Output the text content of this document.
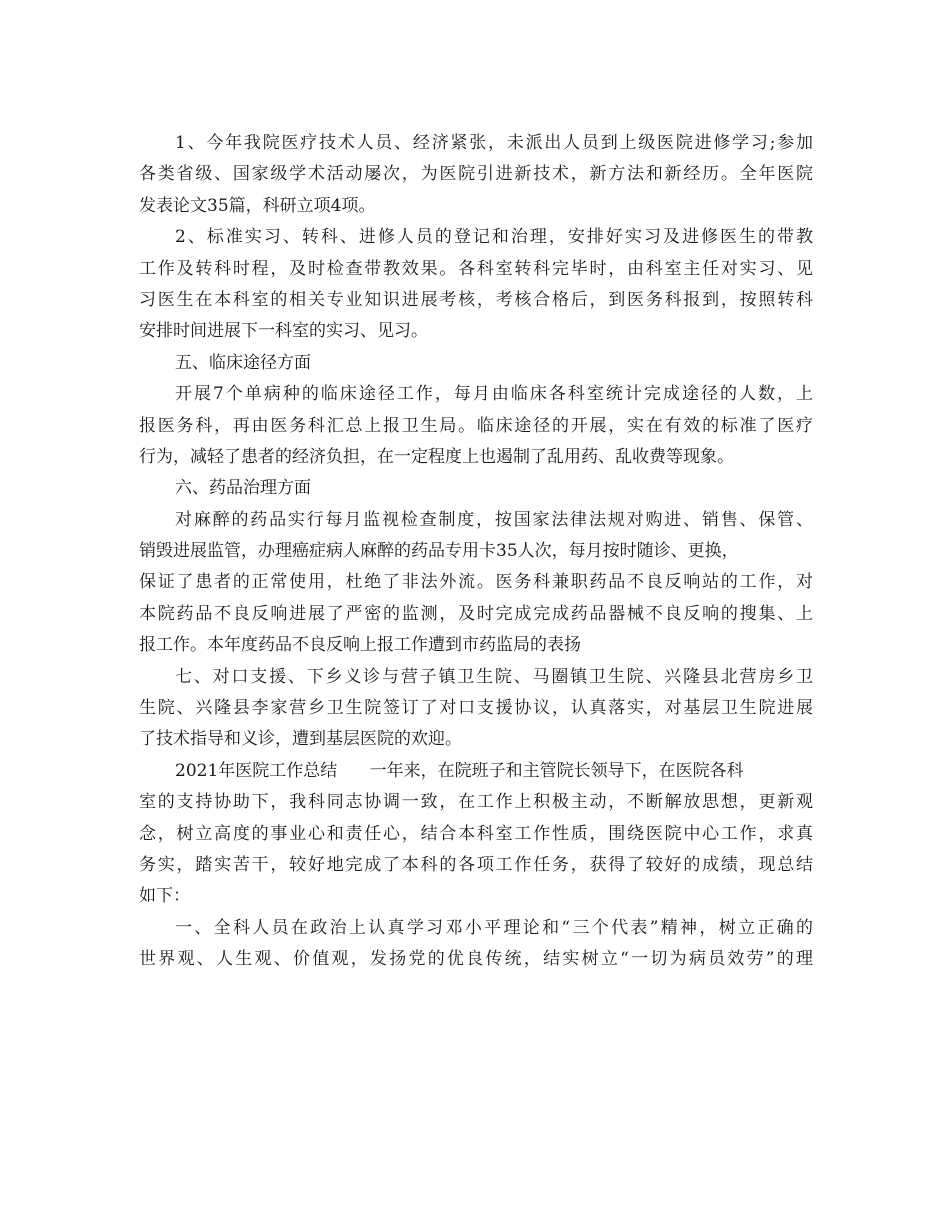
1、今年我院医疗技术人员、经济紧张，未派出人员到上级医院进修学习;参加
各类省级、国家级学术活动屡次，为医院引进新技术，新方法和新经历。全年医院
发表论文35篇，科研立项4项。
2、标准实习、转科、进修人员的登记和治理，安排好实习及进修医生的带教
工作及转科时程，及时检查带教效果。各科室转科完毕时，由科室主任对实习、见
习医生在本科室的相关专业知识进展考核，考核合格后，到医务科报到，按照转科
安排时间进展下一科室的实习、见习。
五、临床途径方面
开展7个单病种的临床途径工作，每月由临床各科室统计完成途径的人数，上
报医务科，再由医务科汇总上报卫生局。临床途径的开展，实在有效的标准了医疗
行为，减轻了患者的经济负担，在一定程度上也遏制了乱用药、乱收费等现象。
六、药品治理方面
对麻醉的药品实行每月监视检查制度，按国家法律法规对购进、销售、保管、
销毁进展监管，办理癌症病人麻醉的药品专用卡35人次，每月按时随诊、更换，
保证了患者的正常使用，杜绝了非法外流。医务科兼职药品不良反响站的工作，对
本院药品不良反响进展了严密的监测，及时完成完成药品器械不良反响的搜集、上
报工作。本年度药品不良反响上报工作遭到市药监局的表扬
七、对口支援、下乡义诊与营子镇卫生院、马圈镇卫生院、兴隆县北营房乡卫
生院、兴隆县李家营乡卫生院签订了对口支援协议，认真落实，对基层卫生院进展
了技术指导和义诊，遭到基层医院的欢迎。
2021年医院工作总结      一年来，在院班子和主管院长领导下，在医院各科
室的支持协助下，我科同志协调一致，在工作上积极主动，不断解放思想，更新观
念，树立高度的事业心和责任心，结合本科室工作性质，围绕医院中心工作，求真
务实，踏实苦干，较好地完成了本科的各项工作任务，获得了较好的成绩，现总结
如下：
一、全科人员在政治上认真学习邓小平理论和“三个代表”精神，树立正确的
世界观、人生观、价值观，发扬党的优良传统，结实树立“一切为病员效劳”的理
